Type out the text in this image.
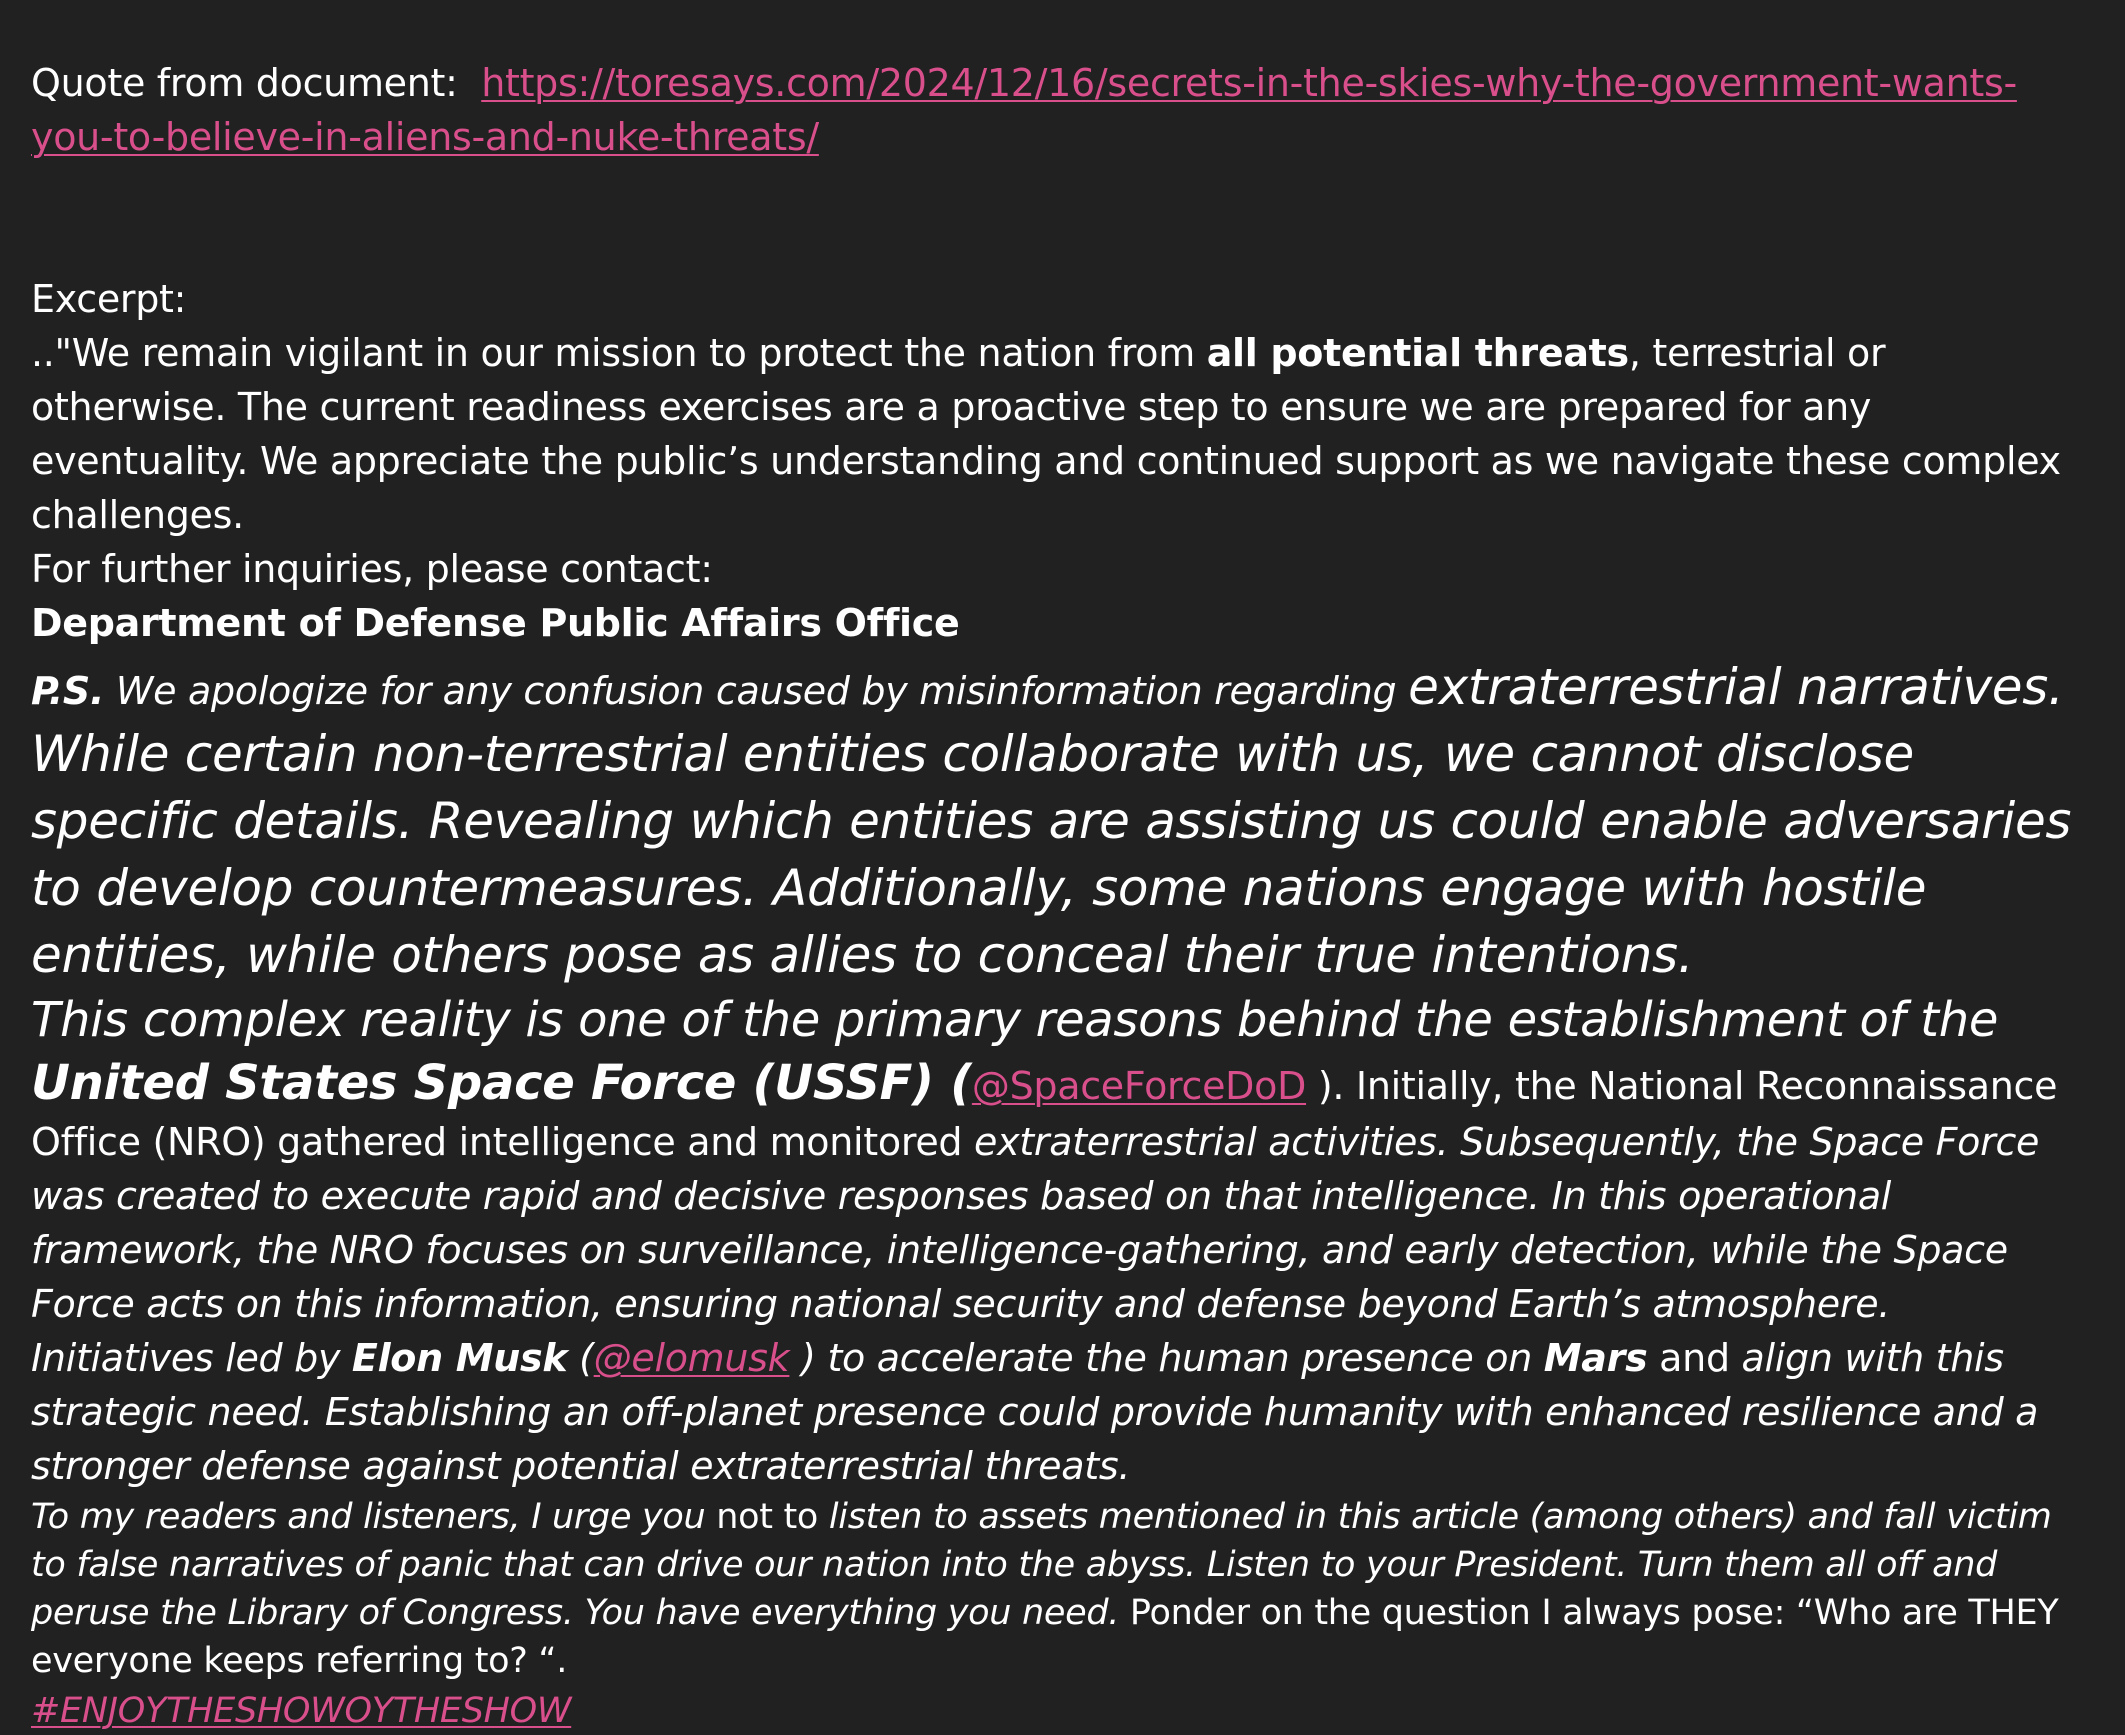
Quote from document: https://toresays.com/2024/12/16/secrets-in-the-skies-why-the-government-wants-you-to-believe-in-aliens-and-nuke-threats/

Excerpt:

.."We remain vigilant in our mission to protect the nation from all potential threats, terrestrial or otherwise. The current readiness exercises are a proactive step to ensure we are prepared for any eventuality. We appreciate the public’s understanding and continued support as we navigate these complex challenges.

For further inquiries, please contact:

Department of Defense Public Affairs Office

P.S. We apologize for any confusion caused by misinformation regarding extraterrestrial narratives. While certain non-terrestrial entities collaborate with us, we cannot disclose specific details. Revealing which entities are assisting us could enable adversaries to develop countermeasures. Additionally, some nations engage with hostile entities, while others pose as allies to conceal their true intentions.

This complex reality is one of the primary reasons behind the establishment of the United States Space Force (USSF) (@SpaceForceDoD ). Initially, the National Reconnaissance Office (NRO) gathered intelligence and monitored extraterrestrial activities. Subsequently, the Space Force was created to execute rapid and decisive responses based on that intelligence. In this operational framework, the NRO focuses on surveillance, intelligence-gathering, and early detection, while the Space Force acts on this information, ensuring national security and defense beyond Earth’s atmosphere.

Initiatives led by Elon Musk (@elomusk ) to accelerate the human presence on Mars and align with this strategic need. Establishing an off-planet presence could provide humanity with enhanced resilience and a stronger defense against potential extraterrestrial threats.

To my readers and listeners, I urge you not to listen to assets mentioned in this article (among others) and fall victim to false narratives of panic that can drive our nation into the abyss. Listen to your President. Turn them all off and peruse the Library of Congress. You have everything you need. Ponder on the question I always pose: “Who are THEY everyone keeps referring to? “.

#ENJOYTHESHOWOYTHESHOW
